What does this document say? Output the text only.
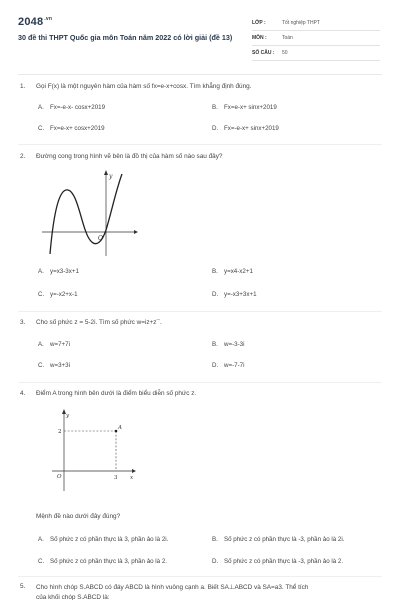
$2048^{.vn}$
30 đề thi THPT Quốc gia môn Toán năm 2022 có lời giải (đề 13)
LỚP :	Tốt nghiệp THPT
MÔN :	Toán
SỐ CÂU :	50
1.	Gọi F(x) là một nguyên hàm của hàm số fx=e-x+cosx. Tìm khẳng định đúng.
A. Fx=-e-x- cosx+2019	B. Fx=e-x+ sinx+2019
C. Fx=e-x+ cosx+2019	D. Fx=-e-x+ sinx+2019
2.	Đường cong trong hình vẽ bên là đồ thị của hàm số nào sau đây?
y
O
A. y=x3-3x+1	B. y=x4-x2+1
C. y=-x2+x-1	D. y=-x3+3x+1
3.	Cho số phức z = 5-2i. Tìm số phức w=iz+z¯.
A. w=7+7i	B. w=-3-3i
C. w=3+3i	D. w=-7-7i
4.	Điểm A trong hình bên dưới là điểm biểu diễn số phức z.
A
y
x
O	3
2
Mệnh đề nào dưới đây đúng?
A. Số phức z có phần thực là 3, phần ảo là 2i.	B. Số phức z có phần thực là -3, phần ảo là 2i.
C. Số phức z có phần thực là 3, phần ảo là 2.	D. Số phức z có phần thực là -3, phần ảo là 2.
5.	Cho hình chóp S.ABCD có đáy ABCD là hình vuông cạnh a. Biết SA⊥ABCD và SA=a3. Thể tích
của khối chóp S.ABCD là:
